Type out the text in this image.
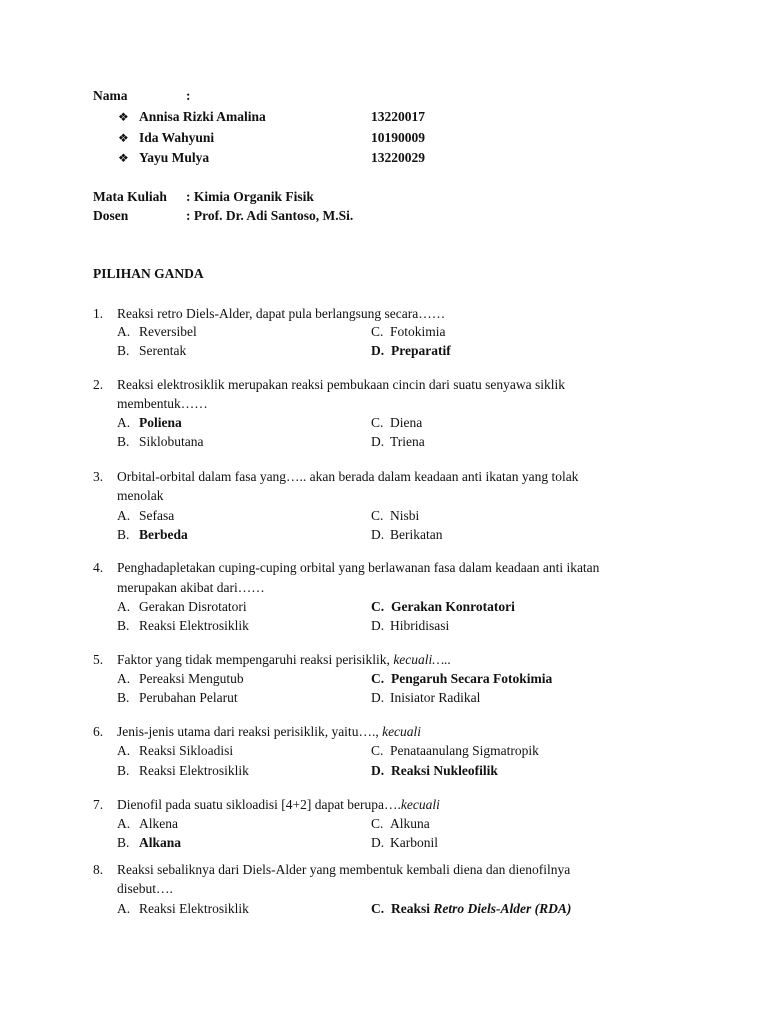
Nama	:
❖ Annisa Rizki Amalina	13220017
❖ Ida Wahyuni	10190009
❖ Yayu Mulya	13220029
Mata Kuliah : Kimia Organik Fisik
Dosen	: Prof. Dr. Adi Santoso, M.Si.
PILIHAN GANDA
1. Reaksi retro Diels-Alder, dapat pula berlangsung secara……
A. Reversibel	C. Fotokimia
B. Serentak	D. Preparatif
2. Reaksi elektrosiklik merupakan reaksi pembukaan cincin dari suatu senyawa siklik
membentuk……
A. Poliena	C. Diena
B. Siklobutana	D. Triena
3. Orbital-orbital dalam fasa yang….. akan berada dalam keadaan anti ikatan yang tolak
menolak
A. Sefasa	C. Nisbi
B. Berbeda	D. Berikatan
4. Penghadapletakan cuping-cuping orbital yang berlawanan fasa dalam keadaan anti ikatan
merupakan akibat dari……
A. Gerakan Disrotatori	C. Gerakan Konrotatori
B. Reaksi Elektrosiklik	D. Hibridisasi
5. Faktor yang tidak mempengaruhi reaksi perisiklik, kecuali…..
A. Pereaksi Mengutub	C. Pengaruh Secara Fotokimia
B. Perubahan Pelarut	D. Inisiator Radikal
6. Jenis-jenis utama dari reaksi perisiklik, yaitu…., kecuali
A. Reaksi Sikloadisi	C. Penataanulang Sigmatropik
B. Reaksi Elektrosiklik	D. Reaksi Nukleofilik
7. Dienofil pada suatu sikloadisi [4+2] dapat berupa….kecuali
A. Alkena	C. Alkuna
B. Alkana	D. Karbonil
8. Reaksi sebaliknya dari Diels-Alder yang membentuk kembali diena dan dienofilnya
disebut….
A. Reaksi Elektrosiklik	C. Reaksi Retro Diels-Alder (RDA)
